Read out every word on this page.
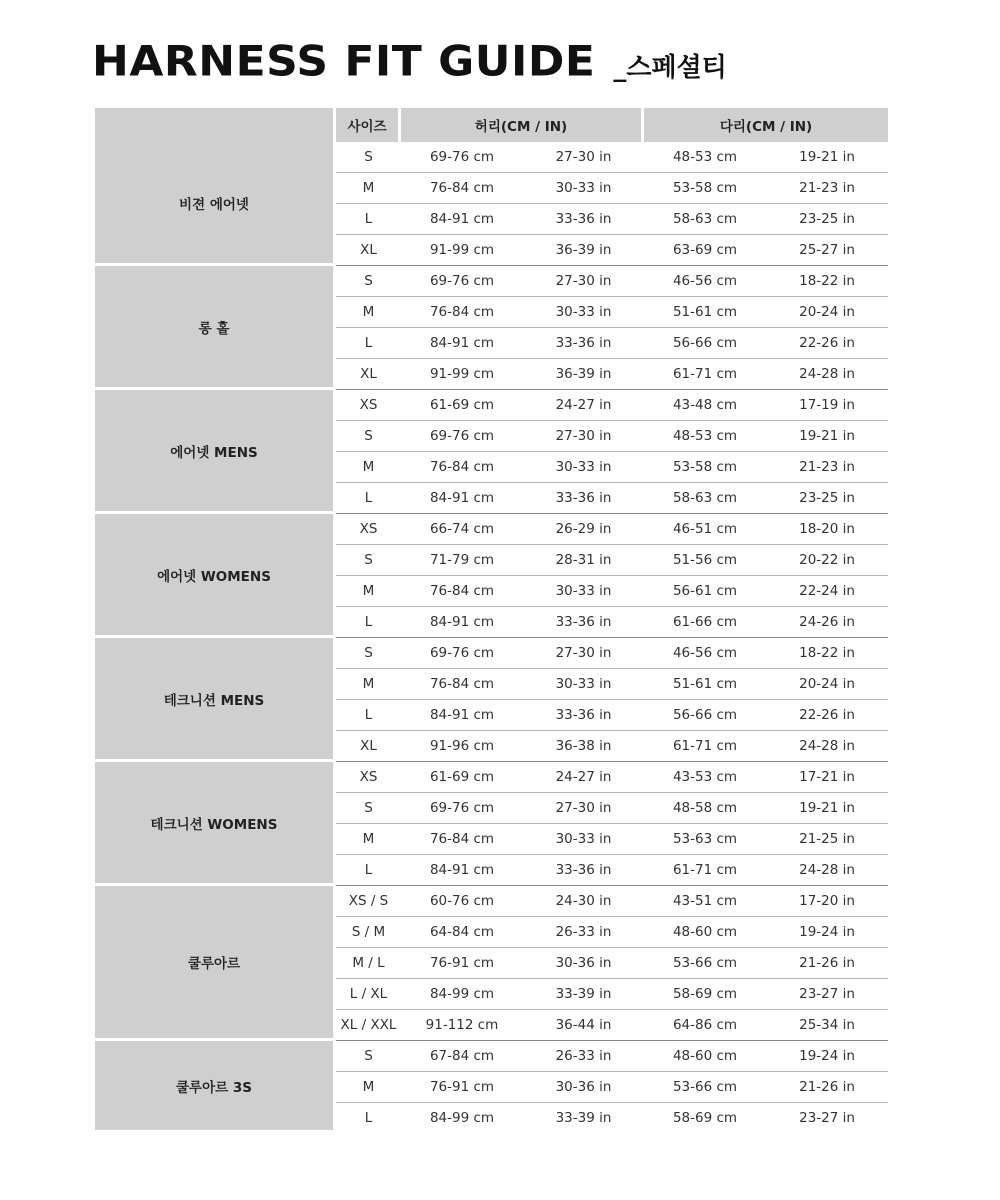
HARNESS FIT GUIDE _스페셜티
	사이즈	허리(CM / IN)		다리(CM / IN)	
비젼 에어넷	S	69-76 cm	27-30 in	48-53 cm	19-21 in
	M	76-84 cm	30-33 in	53-58 cm	21-23 in
	L	84-91 cm	33-36 in	58-63 cm	23-25 in
	XL	91-99 cm	36-39 in	63-69 cm	25-27 in
롱 홀	S	69-76 cm	27-30 in	46-56 cm	18-22 in
	M	76-84 cm	30-33 in	51-61 cm	20-24 in
	L	84-91 cm	33-36 in	56-66 cm	22-26 in
	XL	91-99 cm	36-39 in	61-71 cm	24-28 in
에어넷 MENS	XS	61-69 cm	24-27 in	43-48 cm	17-19 in
	S	69-76 cm	27-30 in	48-53 cm	19-21 in
	M	76-84 cm	30-33 in	53-58 cm	21-23 in
	L	84-91 cm	33-36 in	58-63 cm	23-25 in
에어넷 WOMENS	XS	66-74 cm	26-29 in	46-51 cm	18-20 in
	S	71-79 cm	28-31 in	51-56 cm	20-22 in
	M	76-84 cm	30-33 in	56-61 cm	22-24 in
	L	84-91 cm	33-36 in	61-66 cm	24-26 in
테크니션 MENS	S	69-76 cm	27-30 in	46-56 cm	18-22 in
	M	76-84 cm	30-33 in	51-61 cm	20-24 in
	L	84-91 cm	33-36 in	56-66 cm	22-26 in
	XL	91-96 cm	36-38 in	61-71 cm	24-28 in
테크니션 WOMENS	XS	61-69 cm	24-27 in	43-53 cm	17-21 in
	S	69-76 cm	27-30 in	48-58 cm	19-21 in
	M	76-84 cm	30-33 in	53-63 cm	21-25 in
	L	84-91 cm	33-36 in	61-71 cm	24-28 in
쿨루아르	XS / S	60-76 cm	24-30 in	43-51 cm	17-20 in
	S / M	64-84 cm	26-33 in	48-60 cm	19-24 in
	M / L	76-91 cm	30-36 in	53-66 cm	21-26 in
	L / XL	84-99 cm	33-39 in	58-69 cm	23-27 in
	XL / XXL	91-112 cm	36-44 in	64-86 cm	25-34 in
쿨루아르 3S	S	67-84 cm	26-33 in	48-60 cm	19-24 in
	M	76-91 cm	30-36 in	53-66 cm	21-26 in
	L	84-99 cm	33-39 in	58-69 cm	23-27 in
